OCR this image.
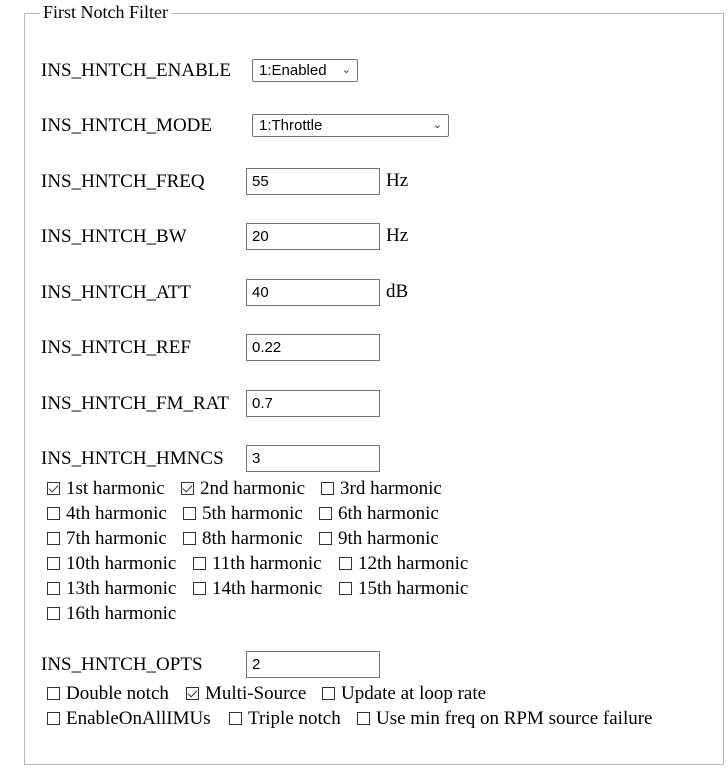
First Notch Filter
INS_HNTCH_ENABLE	1:Enabled ⌄
INS_HNTCH_MODE	1:Throttle	⌄
INS_HNTCH_FREQ	55	Hz
INS_HNTCH_BW	20	Hz
INS_HNTCH_ATT	40	dB
INS_HNTCH_REF	0.22
INS_HNTCH_FM_RAT	0.7
INS_HNTCH_HMNCS	3
1st harmonic 2nd harmonic 3rd harmonic
4th harmonic 5th harmonic 6th harmonic
7th harmonic 8th harmonic 9th harmonic
10th harmonic 11th harmonic 12th harmonic
13th harmonic 14th harmonic 15th harmonic
16th harmonic
INS_HNTCH_OPTS	2
Double notch Multi-Source Update at loop rate
EnableOnAllIMUs Triple notch Use min freq on RPM source failure
